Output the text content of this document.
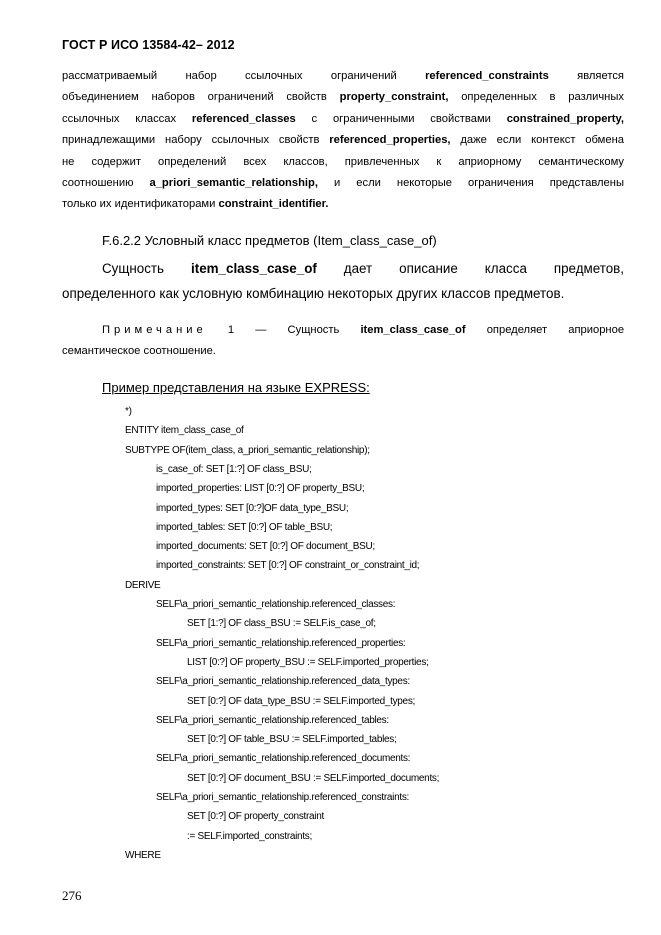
ГОСТ Р ИСО 13584-42– 2012
рассматриваемый набор ссылочных ограничений referenced_constraints является
объединением наборов ограничений свойств property_constraint, определенных в различных
ссылочных классах referenced_classes с ограниченными свойствами constrained_property,
принадлежащими набору ссылочных свойств referenced_properties, даже если контекст обмена
не содержит определений всех классов, привлеченных к априорному семантическому
соотношению a_priori_semantic_relationship, и если некоторые ограничения представлены
только их идентификаторами constraint_identifier.
F.6.2.2 Условный класс предметов (Item_class_case_of)
Сущность item_class_case_of дает описание класса предметов,
определенного как условную комбинацию некоторых других классов предметов.
Примечание 1 — Сущность item_class_case_of определяет априорное
семантическое соотношение.
Пример представления на языке EXPRESS:
*)
ENTITY item_class_case_of
SUBTYPE OF(item_class, a_priori_semantic_relationship);
is_case_of: SET [1:?] OF class_BSU;
imported_properties: LIST [0:?] OF property_BSU;
imported_types: SET [0:?]OF data_type_BSU;
imported_tables: SET [0:?] OF table_BSU;
imported_documents: SET [0:?] OF document_BSU;
imported_constraints: SET [0:?] OF constraint_or_constraint_id;
DERIVE
SELF\a_priori_semantic_relationship.referenced_classes:
SET [1:?] OF class_BSU := SELF.is_case_of;
SELF\a_priori_semantic_relationship.referenced_properties:
LIST [0:?] OF property_BSU := SELF.imported_properties;
SELF\a_priori_semantic_relationship.referenced_data_types:
SET [0:?] OF data_type_BSU := SELF.imported_types;
SELF\a_priori_semantic_relationship.referenced_tables:
SET [0:?] OF table_BSU := SELF.imported_tables;
SELF\a_priori_semantic_relationship.referenced_documents:
SET [0:?] OF document_BSU := SELF.imported_documents;
SELF\a_priori_semantic_relationship.referenced_constraints:
SET [0:?] OF property_constraint
:= SELF.imported_constraints;
WHERE
276
